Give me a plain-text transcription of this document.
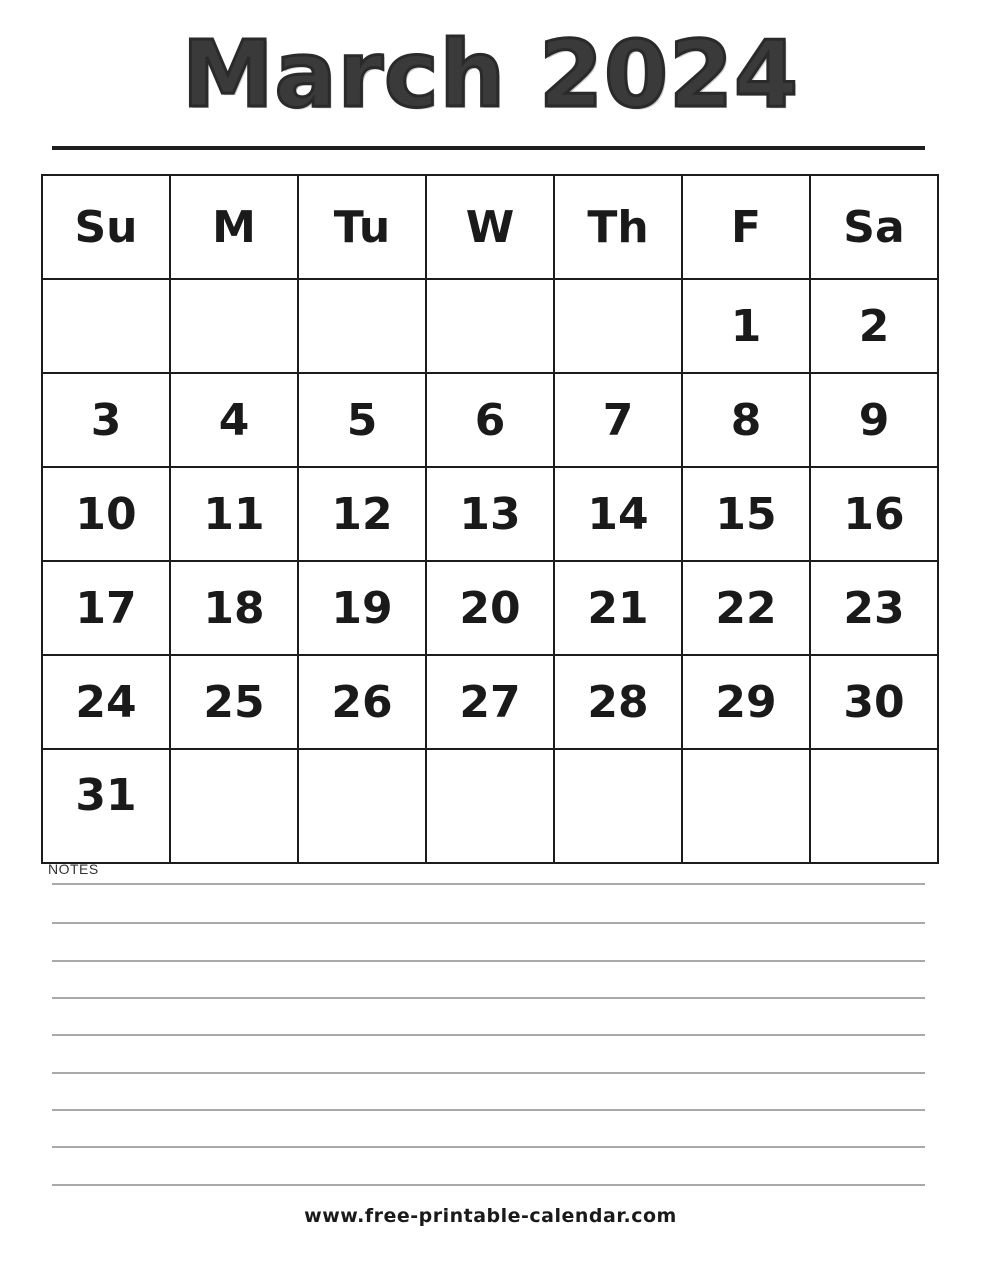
March 2024
Su	M	Tu	W	Th	F	Sa
					1	2
3	4	5	6	7	8	9
10	11	12	13	14	15	16
17	18	19	20	21	22	23
24	25	26	27	28	29	30
31						
NOTES
www.free-printable-calendar.com
